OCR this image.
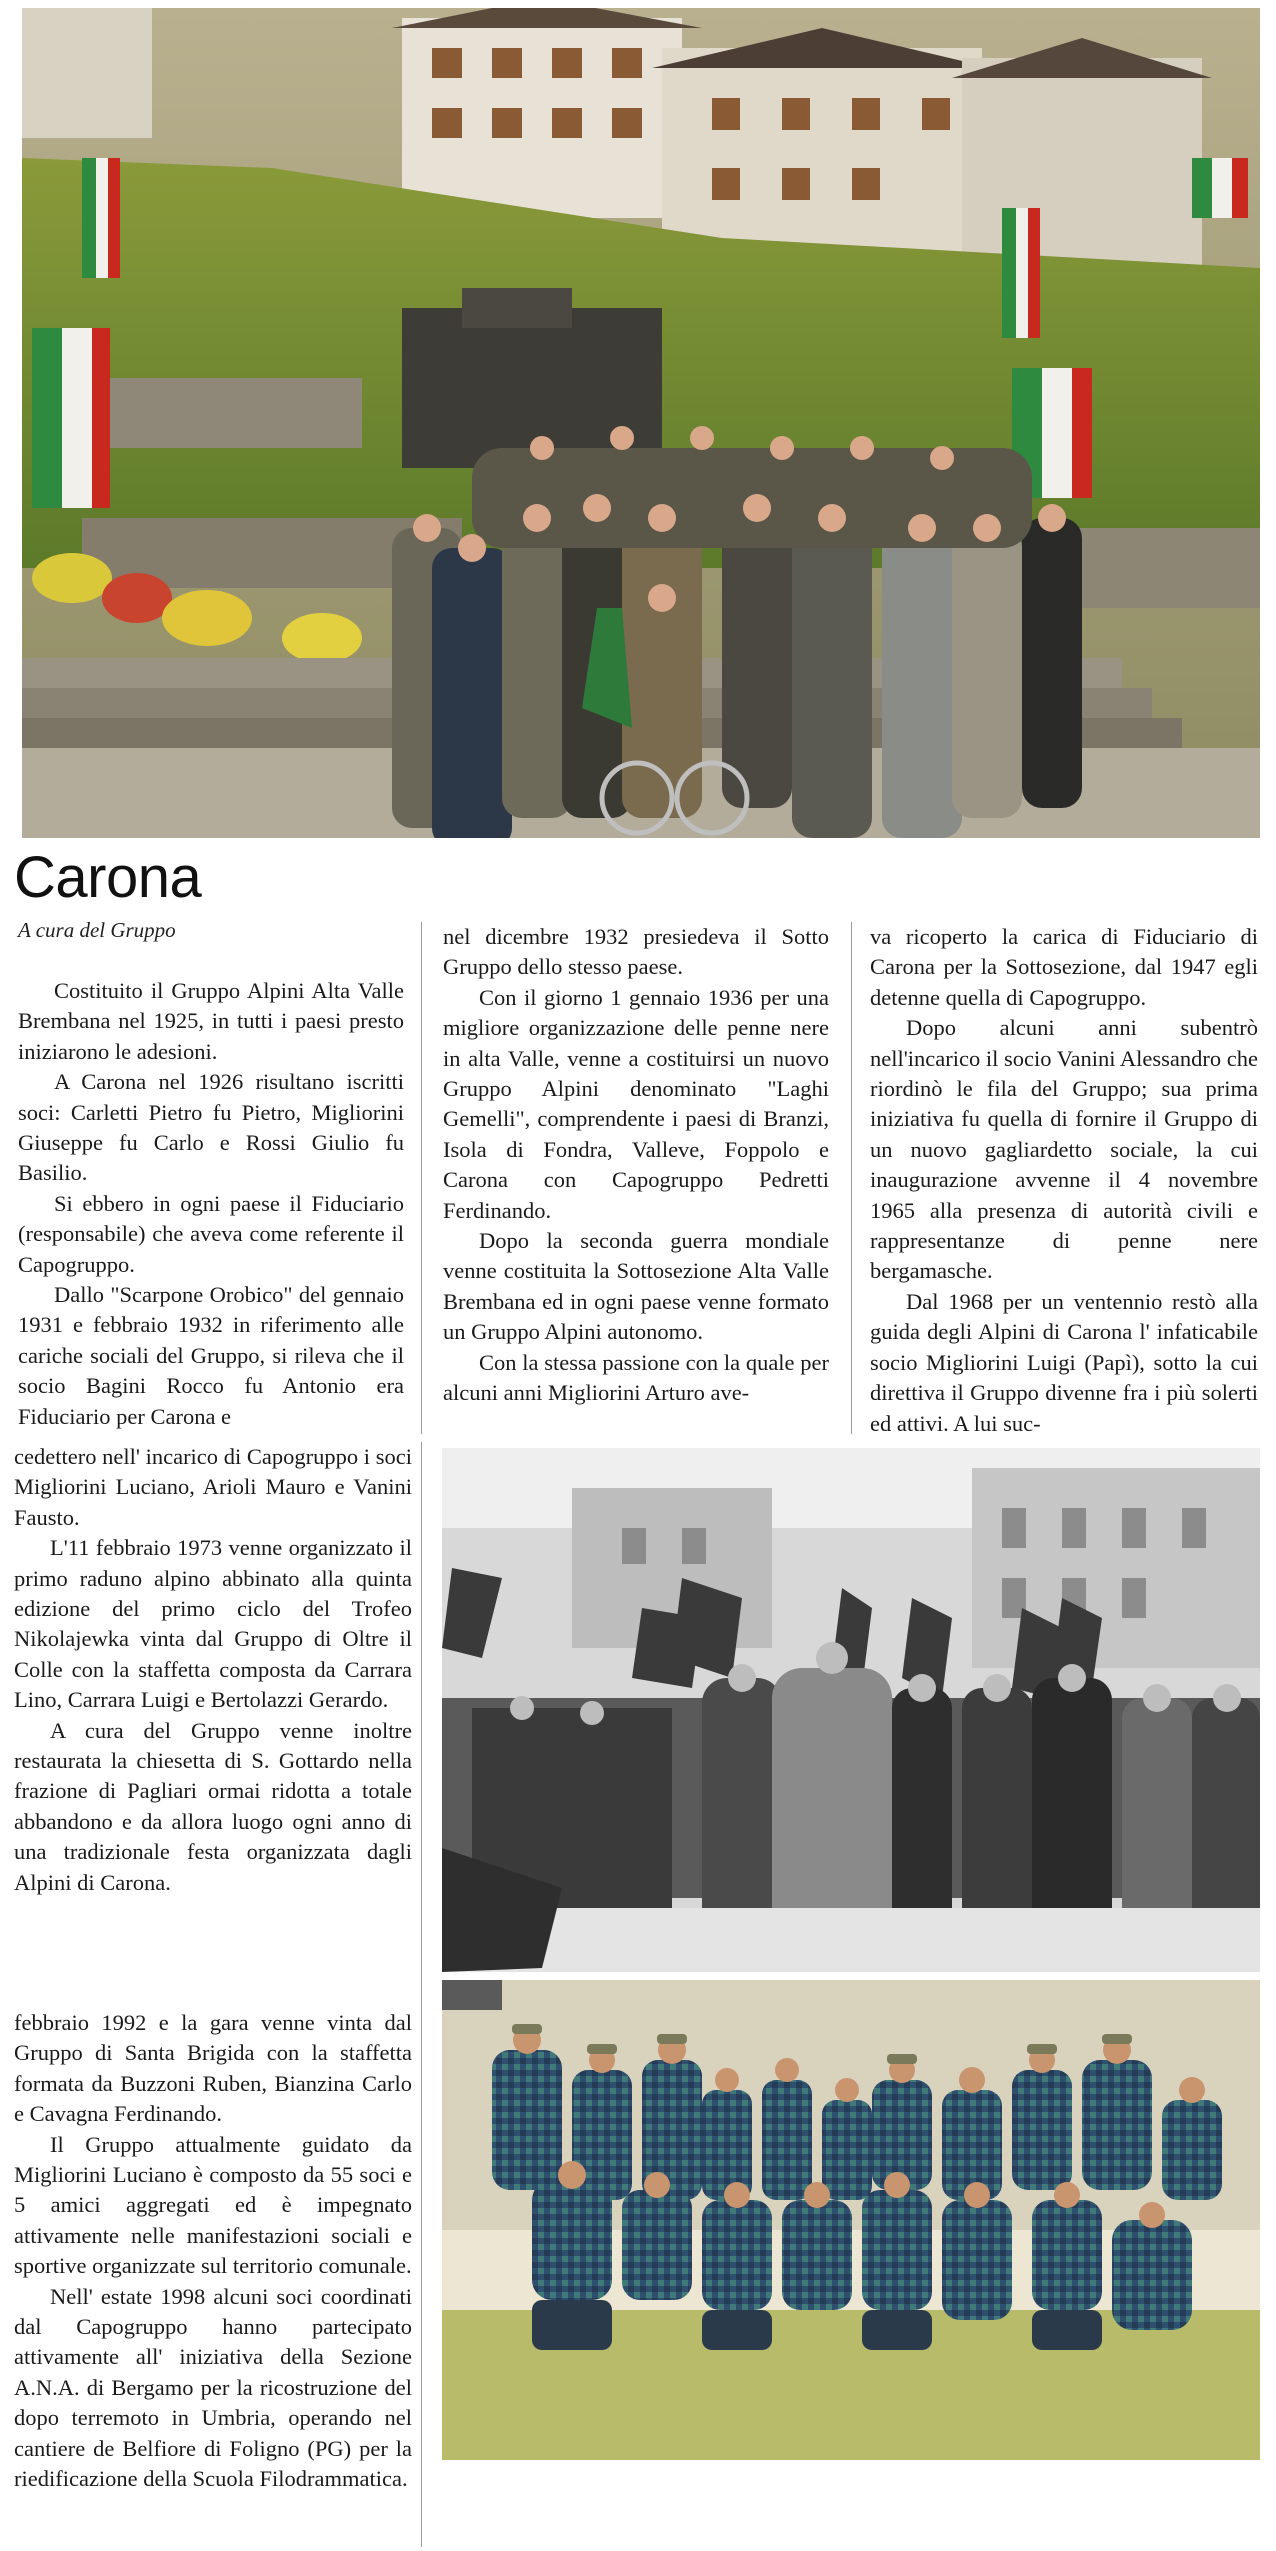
Carona
A cura del Gruppo

Costituito il Gruppo Alpini Alta Valle Brembana nel 1925, in tutti i paesi presto iniziarono le adesioni.

A Carona nel 1926 risultano iscritti soci: Carletti Pietro fu Pietro, Migliorini Giuseppe fu Carlo e Rossi Giulio fu Basilio.

Si ebbero in ogni paese il Fiduciario (responsabile) che aveva come referente il Capogruppo.

Dallo "Scarpone Orobico" del gennaio 1931 e febbraio 1932 in riferimento alle cariche sociali del Gruppo, si rileva che il socio Bagini Rocco fu Antonio era Fiduciario per Carona e

nel dicembre 1932 presiedeva il Sotto Gruppo dello stesso paese.

Con il giorno 1 gennaio 1936 per una migliore organizzazione delle penne nere in alta Valle, venne a costituirsi un nuovo Gruppo Alpini denominato "Laghi Gemelli", comprendente i paesi di Branzi, Isola di Fondra, Valleve, Foppolo e Carona con Capogruppo Pedretti Ferdinando.

Dopo la seconda guerra mondiale venne costituita la Sottosezione Alta Valle Brembana ed in ogni paese venne formato un Gruppo Alpini autonomo.

Con la stessa passione con la quale per alcuni anni Migliorini Arturo ave-

va ricoperto la carica di Fiduciario di Carona per la Sottosezione, dal 1947 egli detenne quella di Capogruppo.

Dopo alcuni anni subentrò nell'incarico il socio Vanini Alessandro che riordinò le fila del Gruppo; sua prima iniziativa fu quella di fornire il Gruppo di un nuovo gagliardetto sociale, la cui inaugurazione avvenne il 4 novembre 1965 alla presenza di autorità civili e rappresentanze di penne nere bergamasche.

Dal 1968 per un ventennio restò alla guida degli Alpini di Carona l' infaticabile socio Migliorini Luigi (Papì), sotto la cui direttiva il Gruppo divenne fra i più solerti ed attivi. A lui suc-

cedettero nell' incarico di Capogruppo i soci Migliorini Luciano, Arioli Mauro e Vanini Fausto.

L'11 febbraio 1973 venne organizzato il primo raduno alpino abbinato alla quinta edizione del primo ciclo del Trofeo Nikolajewka vinta dal Gruppo di Oltre il Colle con la staffetta composta da Carrara Lino, Carrara Luigi e Bertolazzi Gerardo.

A cura del Gruppo venne inoltre restaurata la chiesetta di S. Gottardo nella frazione di Pagliari ormai ridotta a totale abbandono e da allora luogo ogni anno di una tradizionale festa organizzata dagli Alpini di Carona.

febbraio 1992 e la gara venne vinta dal Gruppo di Santa Brigida con la staffetta formata da Buzzoni Ruben, Bianzina Carlo e Cavagna Ferdinando.

Il Gruppo attualmente guidato da Migliorini Luciano è composto da 55 soci e 5 amici aggregati ed è impegnato attivamente nelle manifestazioni sociali e sportive organizzate sul territorio comunale.

Nell' estate 1998 alcuni soci coordinati dal Capogruppo hanno partecipato attivamente all' iniziativa della Sezione A.N.A. di Bergamo per la ricostruzione del dopo terremoto in Umbria, operando nel cantiere de Belfiore di Foligno (PG) per la riedificazione della Scuola Filodrammatica.
